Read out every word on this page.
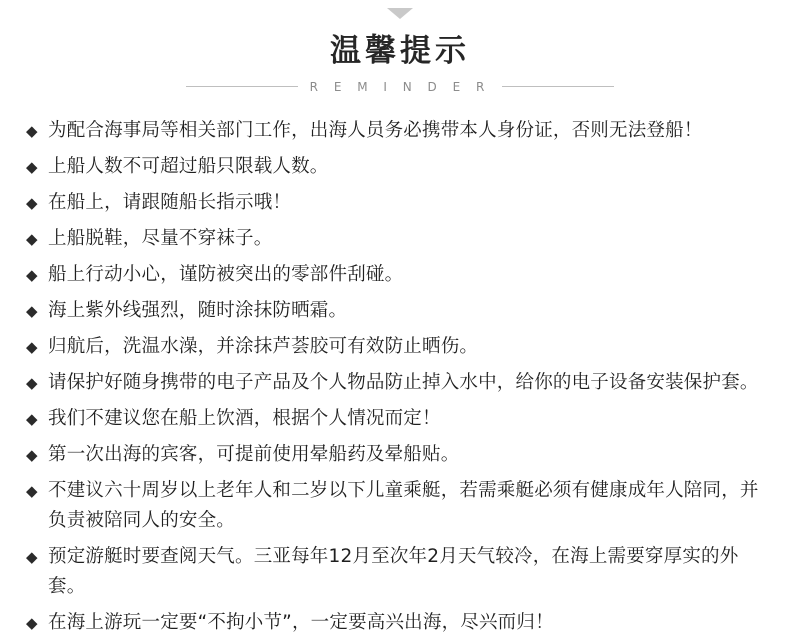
温馨提示
R E M I N D E R
◆ 为配合海事局等相关部门工作，出海人员务必携带本人身份证，否则无法登船！
◆ 上船人数不可超过船只限载人数。
◆ 在船上，请跟随船长指示哦！
◆ 上船脱鞋，尽量不穿袜子。
◆ 船上行动小心，谨防被突出的零部件刮碰。
◆ 海上紫外线强烈，随时涂抹防晒霜。
◆ 归航后，洗温水澡，并涂抹芦荟胶可有效防止晒伤。
◆ 请保护好随身携带的电子产品及个人物品防止掉入水中，给你的电子设备安装保护套。
◆ 我们不建议您在船上饮酒，根据个人情况而定！
◆ 第一次出海的宾客，可提前使用晕船药及晕船贴。
◆ 不建议六十周岁以上老年人和二岁以下儿童乘艇，若需乘艇必须有健康成年人陪同，并负责被陪同人的安全。
◆ 预定游艇时要查阅天气。三亚每年12月至次年2月天气较冷，在海上需要穿厚实的外套。
◆ 在海上游玩一定要“不拘小节”，一定要高兴出海，尽兴而归！
